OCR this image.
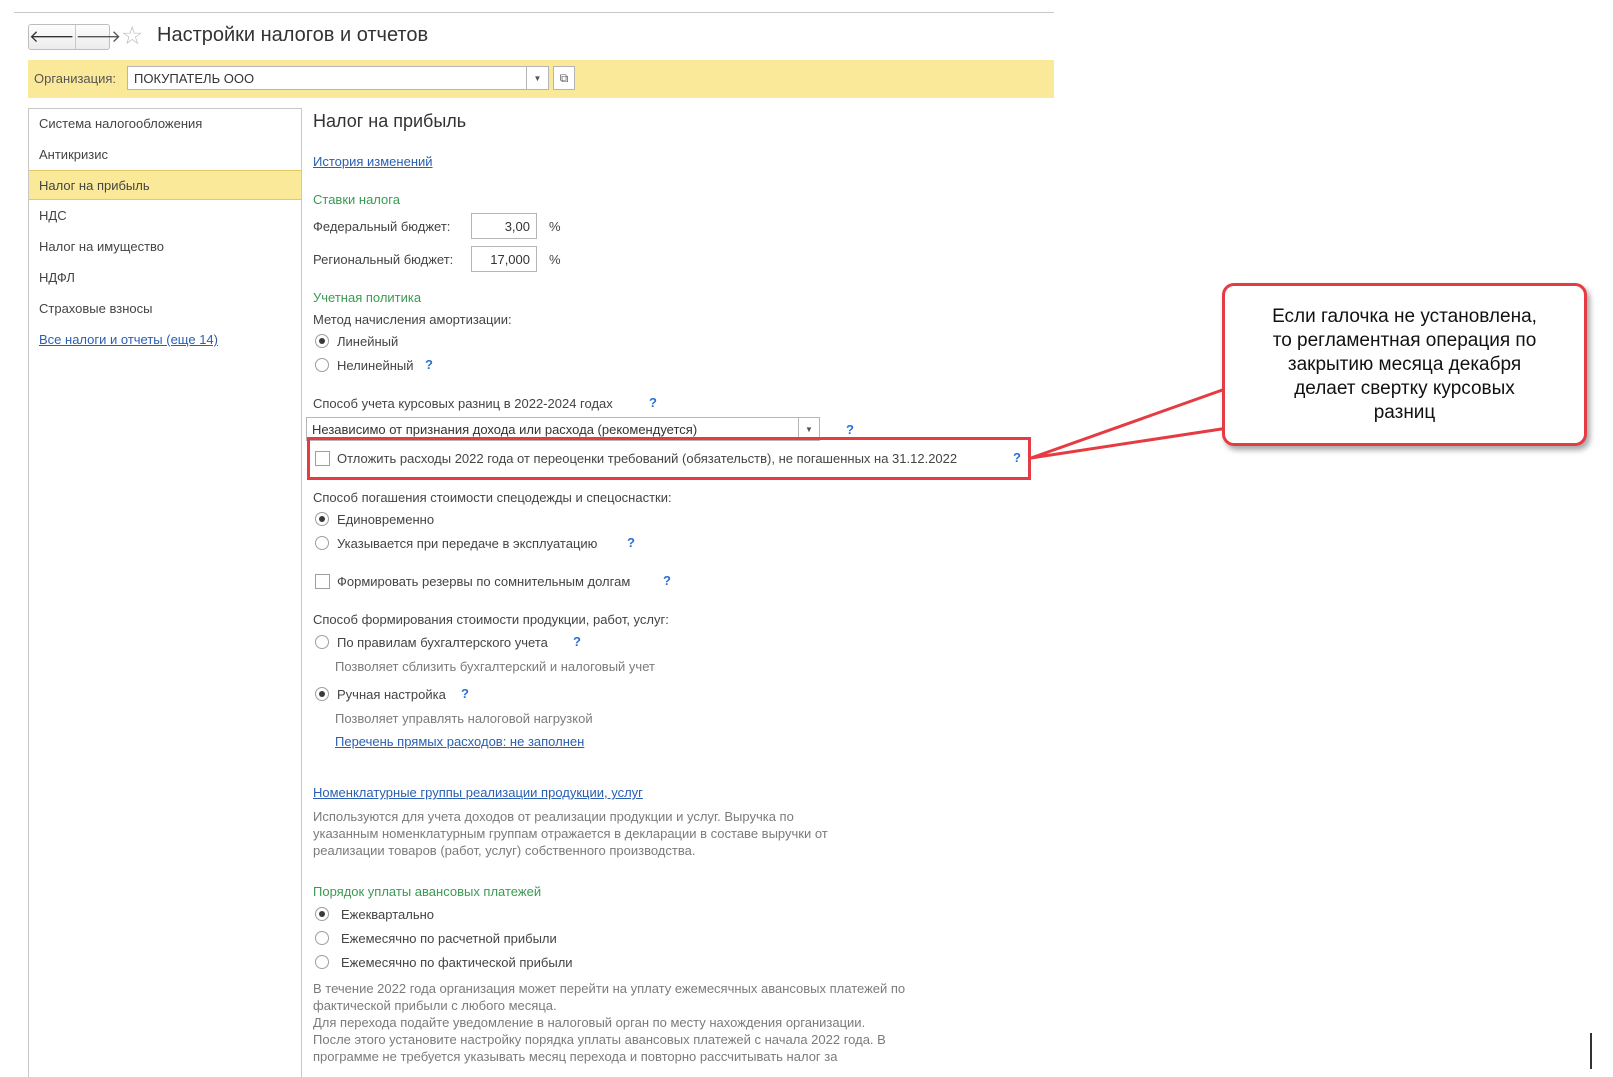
🡐 🡒 ☆ Настройки налогов и отчетов
Организация:	ПОКУПАТЕЛЬ ООО	▼ ⧉
Система налогообложения
Антикризис
Налог на прибыль
НДС
Налог на имущество
НДФЛ
Страховые взносы
Все налоги и отчеты (еще 14)
Налог на прибыль
История изменений
Ставки налога
Федеральный бюджет:	3,00	%
Региональный бюджет:	17,000	%
Учетная политика
Метод начисления амортизации:
Линейный
Нелинейный ?
Способ учета курсовых разниц в 2022-2024 годах	?
Независимо от признания дохода или расхода (рекомендуется)	▼	?
Отложить расходы 2022 года от переоценки требований (обязательств), не погашенных на 31.12.2022	?
Способ погашения стоимости спецодежды и спецоснастки:
Единовременно
Указывается при передаче в эксплуатацию ?
Формировать резервы по сомнительным долгам	?
Способ формирования стоимости продукции, работ, услуг:
По правилам бухгалтерского учета ?
Позволяет сблизить бухгалтерский и налоговый учет
Ручная настройка ?
Позволяет управлять налоговой нагрузкой
Перечень прямых расходов: не заполнен
Номенклатурные группы реализации продукции, услуг
Используются для учета доходов от реализации продукции и услуг. Выручка по
указанным номенклатурным группам отражается в декларации в составе выручки от
реализации товаров (работ, услуг) собственного производства.
Порядок уплаты авансовых платежей
Ежеквартально
Ежемесячно по расчетной прибыли
Ежемесячно по фактической прибыли
В течение 2022 года организация может перейти на уплату ежемесячных авансовых платежей по
фактической прибыли с любого месяца.
Для перехода подайте уведомление в налоговый орган по месту нахождения организации.
После этого установите настройку порядка уплаты авансовых платежей с начала 2022 года. В
программе не требуется указывать месяц перехода и повторно рассчитывать налог за
Если галочка не установлена,
то регламентная операция по
закрытию месяца декабря
делает свертку курсовых
разниц
